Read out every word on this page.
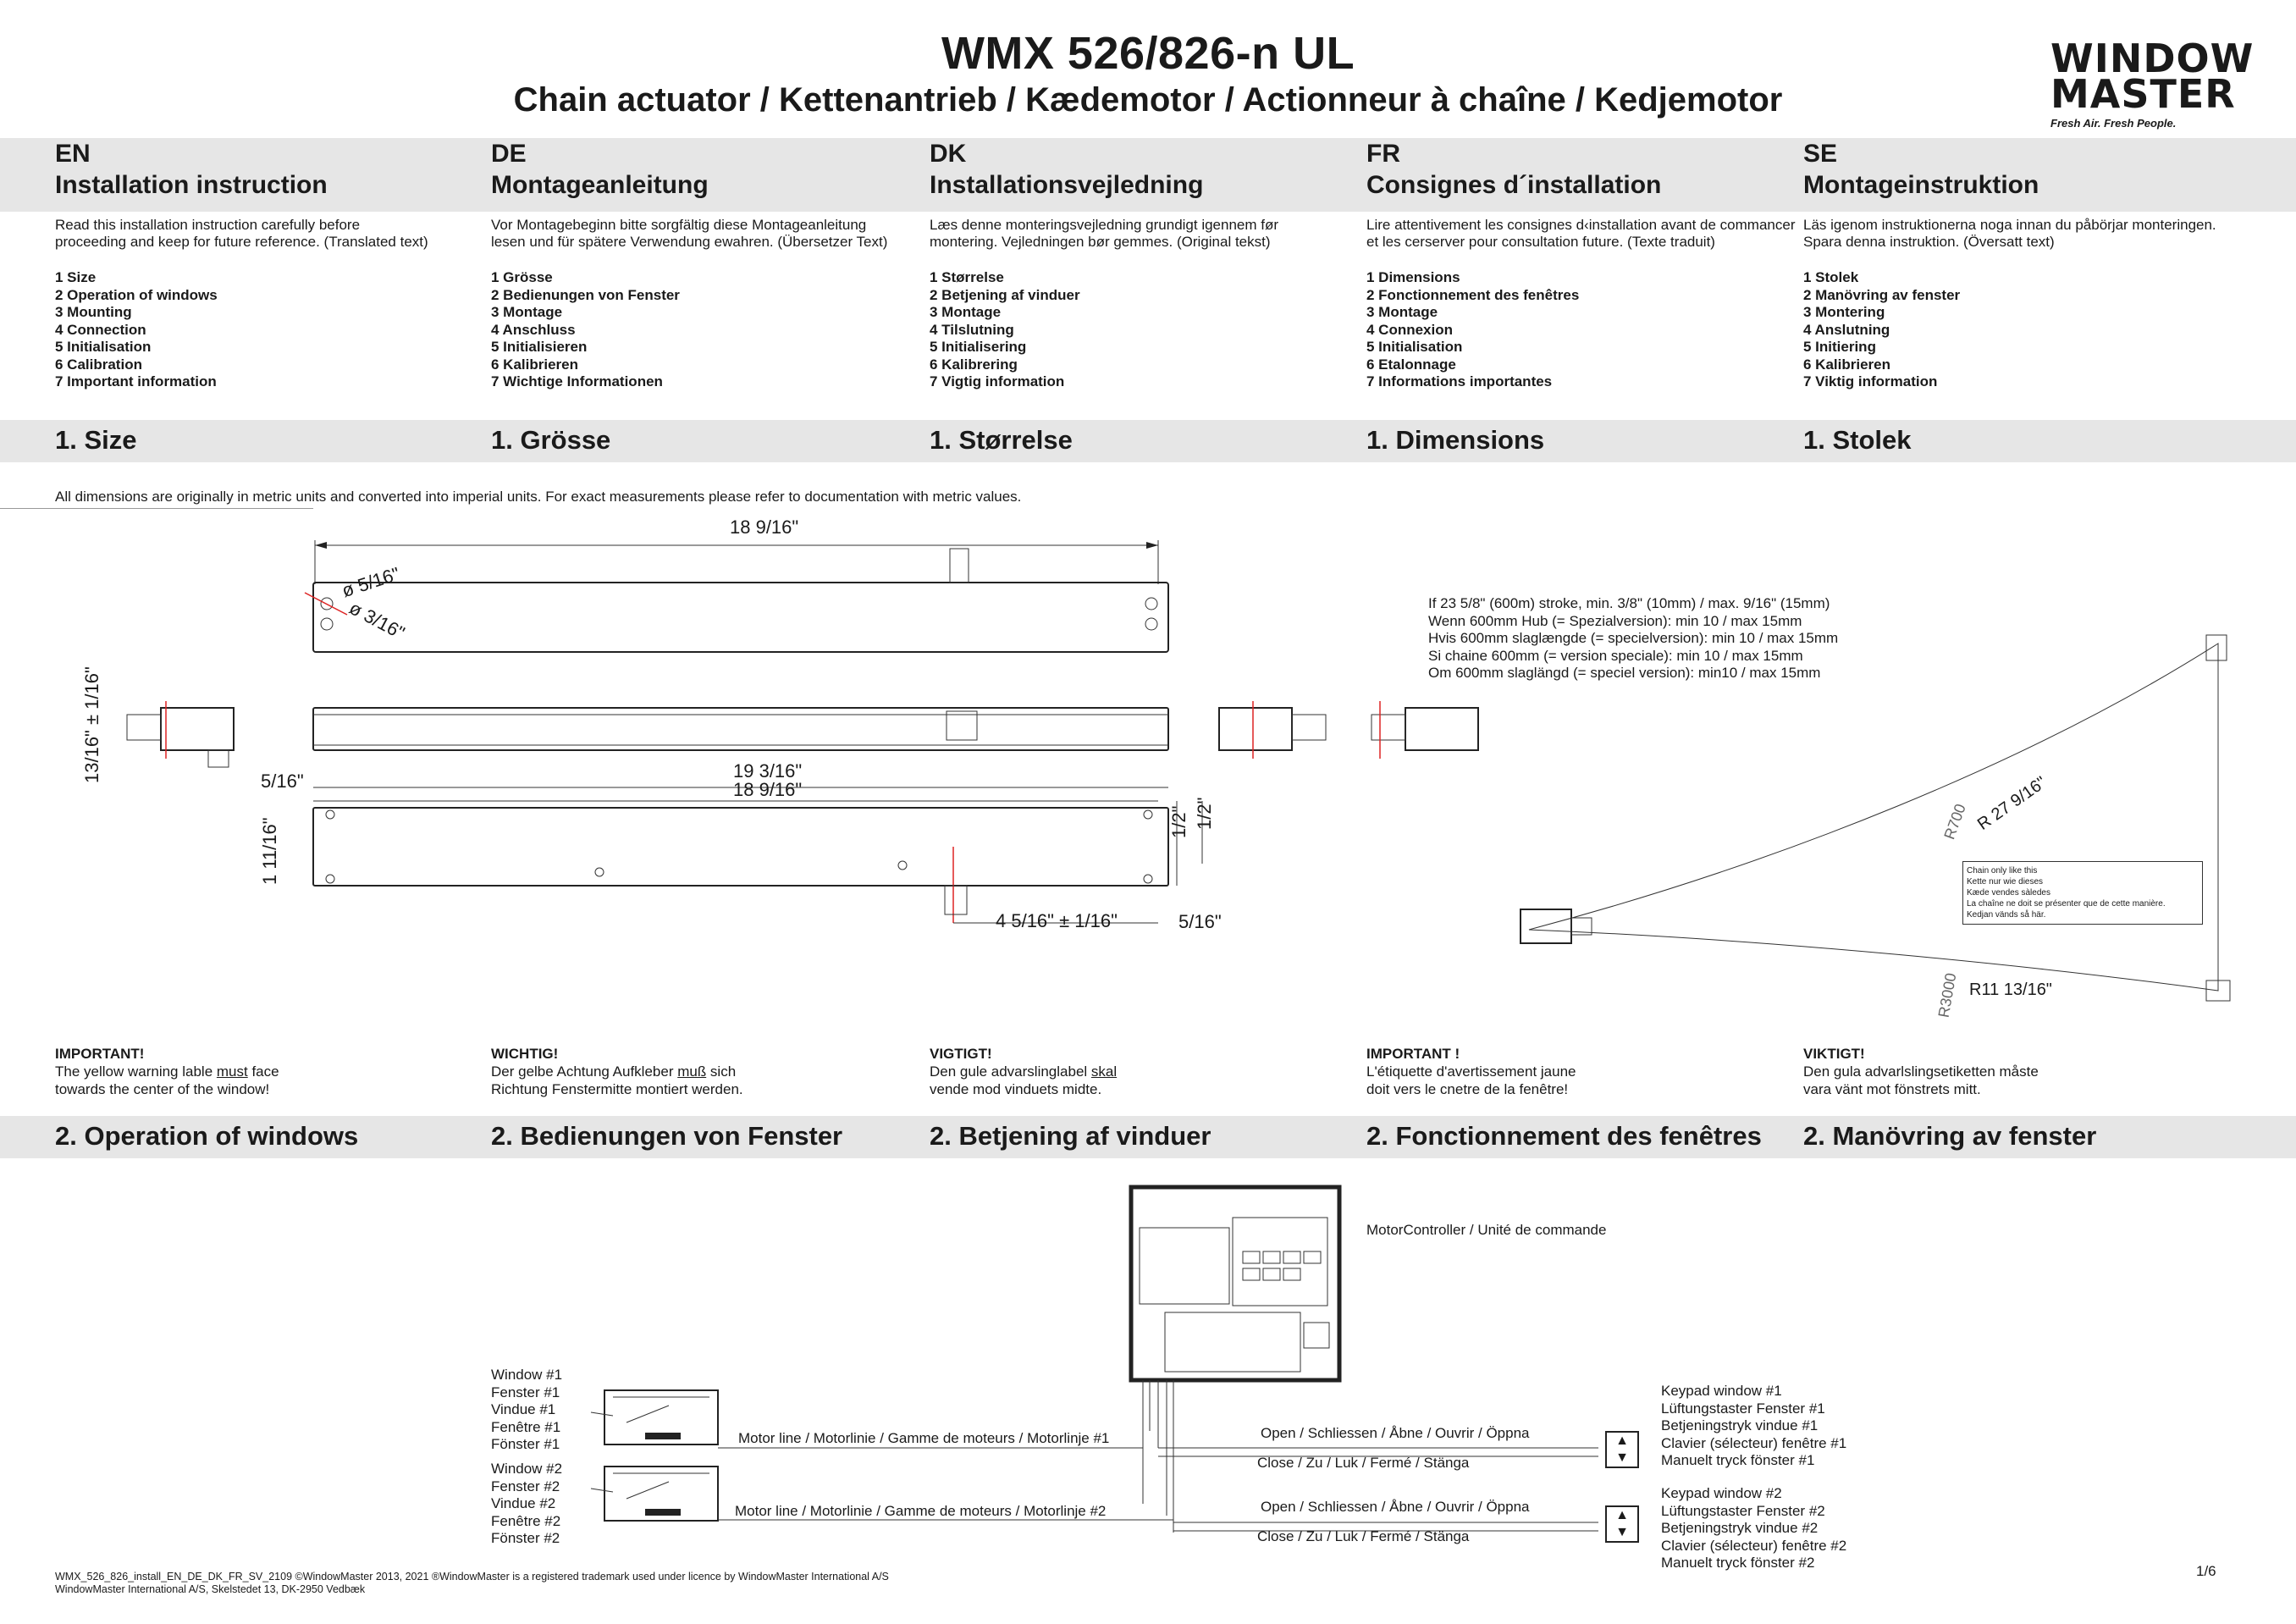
WMX 526/826-n UL
Chain actuator / Kettenantrieb / Kædemotor / Actionneur à chaîne / Kedjemotor
WINDOW
MASTER
Fresh Air. Fresh People.
EN
Installation instruction
Read this installation instruction carefully before
proceeding and keep for future reference. (Translated text)
1 Size
2 Operation of windows
3 Mounting
4 Connection
5 Initialisation
6 Calibration
7 Important information
1. Size
2. Operation of windows
IMPORTANT!
The yellow warning lable must face
towards the center of the window!
DE
Montageanleitung
Vor Montagebeginn bitte sorgfältig diese Montageanleitung
lesen und für spätere Verwendung ewahren. (Übersetzer Text)
1 Grösse
2 Bedienungen von Fenster
3 Montage
4 Anschluss
5 Initialisieren
6 Kalibrieren
7 Wichtige Informationen
1. Grösse
2. Bedienungen von Fenster
WICHTIG!
Der gelbe Achtung Aufkleber muß sich
Richtung Fenstermitte montiert werden.
DK
Installationsvejledning
Læs denne monteringsvejledning grundigt igennem før
montering. Vejledningen bør gemmes. (Original tekst)
1 Størrelse
2 Betjening af vinduer
3 Montage
4 Tilslutning
5 Initialisering
6 Kalibrering
7 Vigtig information
1. Størrelse
2. Betjening af vinduer
VIGTIGT!
Den gule advarslinglabel skal
vende mod vinduets midte.
FR
Consignes d´installation
Lire attentivement les consignes d‹installation avant de commancer
et les cerserver pour consultation future. (Texte traduit)
1 Dimensions
2 Fonctionnement des fenêtres
3 Montage
4 Connexion
5 Initialisation
6 Etalonnage
7 Informations importantes
1. Dimensions
2. Fonctionnement des fenêtres
IMPORTANT !
L'étiquette d'avertissement jaune
doit vers le cnetre de la fenêtre!
SE
Montageinstruktion
Läs igenom instruktionerna noga innan du påbörjar monteringen.
Spara denna instruktion. (Översatt text)
1 Stolek
2 Manövring av fenster
3 Montering
4 Anslutning
5 Initiering
6 Kalibrieren
7 Viktig information
1. Stolek
2. Manövring av fenster
VIKTIGT!
Den gula advarlslingsetiketten måste
vara vänt mot fönstrets mitt.
All dimensions are originally in metric units and converted into imperial units. For exact measurements please refer to documentation with metric values.
18 9/16"
ø 5/16"
ø 3/16"
13/16" ± 1/16"	5/16"	19 3/16"
18 9/16"
1 11/16"	1/2" 1/2"
4 5/16" ± 1/16"	5/16"
If 23 5/8" (600m) stroke, min. 3/8" (10mm) / max. 9/16" (15mm)
Wenn 600mm Hub (= Spezialversion): min 10 / max 15mm
Hvis 600mm slaglængde (= specielversion): min 10 / max 15mm
Si chaine 600mm (= version speciale): min 10 / max 15mm
Om 600mm slaglängd (= speciel version): min10 / max 15mm
R 27 9/16"
R700
R11 13/16"
R3000
Chain only like this
Kette nur wie dieses
Kæde vendes sàledes
La chaîne ne doit se présenter que de cette manière.
Kedjan vänds så här.
MotorController / Unité de commande
Window #1
Fenster #1
Vindue #1
Fenêtre #1
Fönster #1
Window #2
Fenster #2
Vindue #2
Fenêtre #2
Fönster #2
Motor line / Motorlinie / Gamme de moteurs / Motorlinje #1
Motor line / Motorlinie / Gamme de moteurs / Motorlinje #2
Open / Schliessen / Åbne / Ouvrir / Öppna
Close / Zu / Luk / Fermé / Stänga
Open / Schliessen / Åbne / Ouvrir / Öppna
Close / Zu / Luk / Fermé / Stänga
▲
▼
▲
▼
Keypad window #1
Lüftungstaster Fenster #1
Betjeningstryk vindue #1
Clavier (sélecteur) fenêtre #1
Manuelt tryck fönster #1
Keypad window #2
Lüftungstaster Fenster #2
Betjeningstryk vindue #2
Clavier (sélecteur) fenêtre #2
Manuelt tryck fönster #2
WMX_526_826_install_EN_DE_DK_FR_SV_2109 ©WindowMaster 2013, 2021 ®WindowMaster is a registered trademark used under licence by WindowMaster International A/S
WindowMaster International A/S, Skelstedet 13, DK-2950 Vedbæk
1/6
